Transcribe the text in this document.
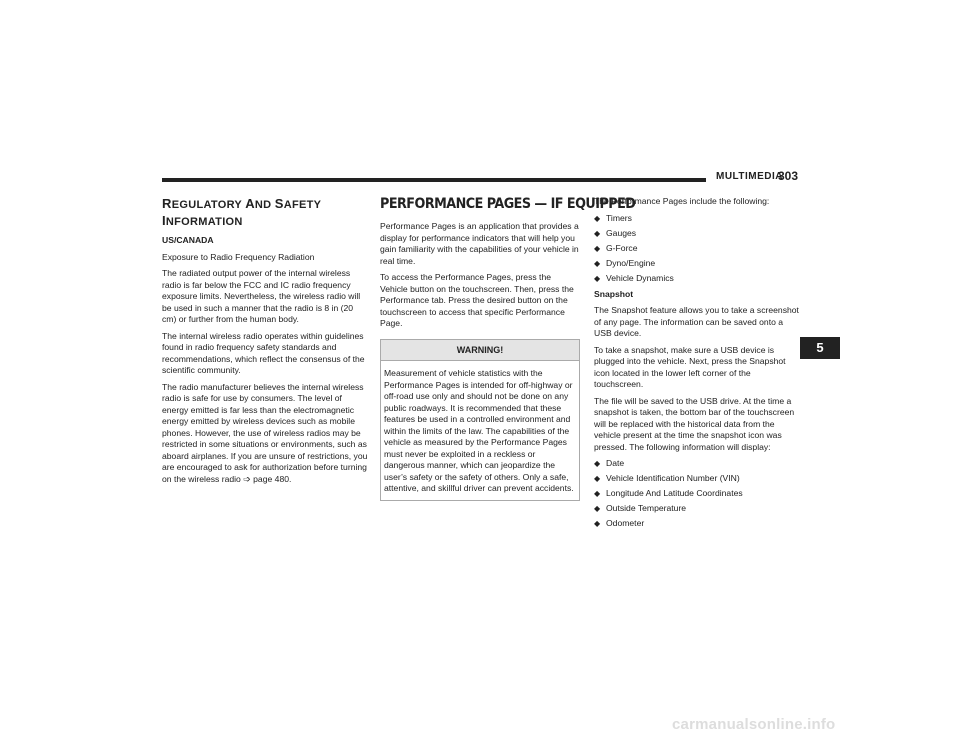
MULTIMEDIA
303
REGULATORY AND SAFETY
INFORMATION

US/CANADA

Exposure to Radio Frequency Radiation

The radiated output power of the internal wireless radio is far below the FCC and IC radio frequency exposure limits. Nevertheless, the wireless radio will be used in such a manner that the radio is 8 in (20 cm) or further from the human body.

The internal wireless radio operates within guidelines found in radio frequency safety standards and recommendations, which reflect the consensus of the scientific community.

The radio manufacturer believes the internal wireless radio is safe for use by consumers. The level of energy emitted is far less than the electromagnetic energy emitted by wireless devices such as mobile phones. However, the use of wireless radios may be restricted in some situations or environments, such as aboard airplanes. If you are unsure of restrictions, you are encouraged to ask for authorization before turning on the wireless radio ➩ page 480.

PERFORMANCE PAGES — IF EQUIPPED

Performance Pages is an application that provides a display for performance indicators that will help you gain familiarity with the capabilities of your vehicle in real time.

To access the Performance Pages, press the Vehicle button on the touchscreen. Then, press the Performance tab. Press the desired button on the touchscreen to access that specific Performance Page.

WARNING!
Measurement of vehicle statistics with the Performance Pages is intended for off-highway or off-road use only and should not be done on any public roadways. It is recommended that these features be used in a controlled environment and within the limits of the law. The capabilities of the vehicle as measured by the Performance Pages must never be exploited in a reckless or dangerous manner, which can jeopardize the user’s safety or the safety of others. Only a safe, attentive, and skillful driver can prevent accidents.

The Performance Pages include the following:

◆ Timers
◆ Gauges
◆ G-Force
◆ Dyno/Engine
◆ Vehicle Dynamics

Snapshot

The Snapshot feature allows you to take a screenshot of any page. The information can be saved onto a USB device.

To take a snapshot, make sure a USB device is plugged into the vehicle. Next, press the Snapshot icon located in the lower left corner of the touchscreen.

The file will be saved to the USB drive. At the time a snapshot is taken, the bottom bar of the touchscreen will be replaced with the historical data from the vehicle present at the time the snapshot icon was pressed. The following information will display:

◆ Date
◆ Vehicle Identification Number (VIN)
◆ Longitude And Latitude Coordinates
◆ Outside Temperature
◆ Odometer
5
carmanualsonline.info
